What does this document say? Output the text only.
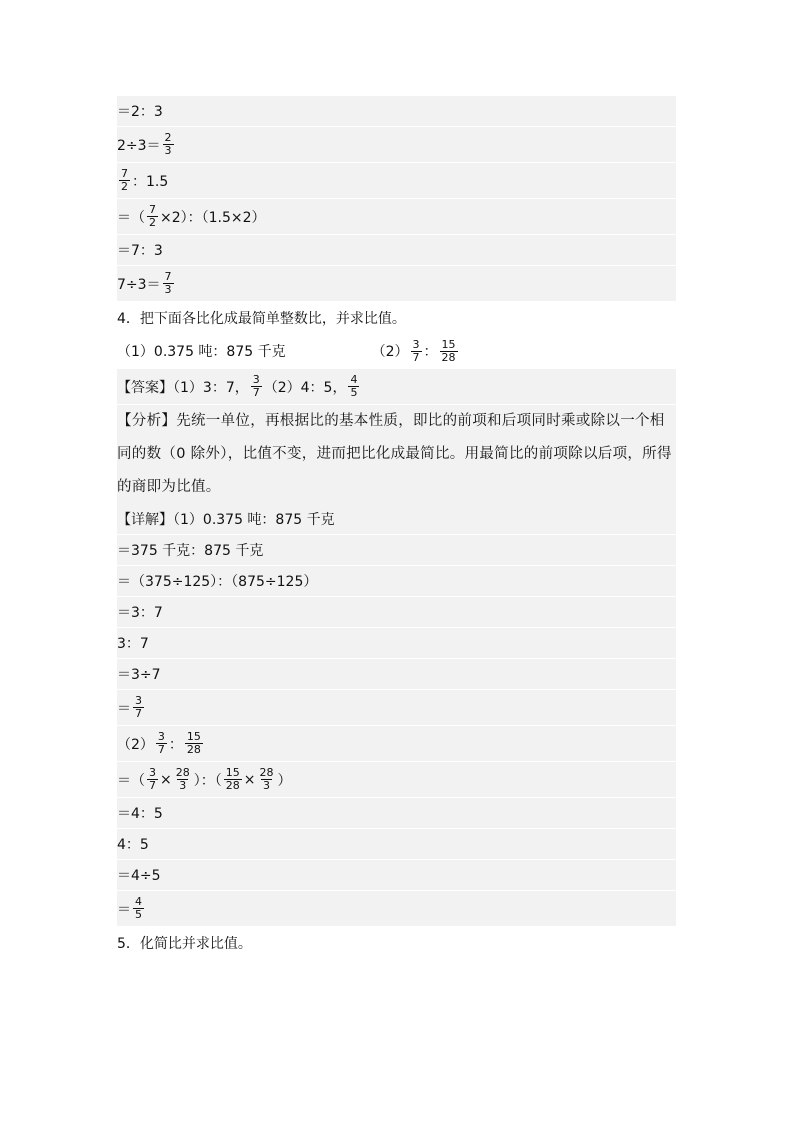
＝2：3
$2\div 3= \frac{2}{3}$
$\frac{7}{2}$ ：1.5
＝（ $\frac{7}{2} \times 2$）：（1.5×2）
＝7：3
$7\div 3= \frac{7}{3}$
4．把下面各比化成最简单整数比，并求比值。
（1）0.375 吨：875 千克	$(2) \frac{3}{7}$ ： $\frac{15}{28}$
【答案】（1）3：7， $\frac{3}{7} (2)4$：5， $\frac{4}{5}$
【分析】先统一单位，再根据比的基本性质，即比的前项和后项同时乘或除以一个相同的数（0 除外），比值不变，进而把比化成最简比。用最简比的前项除以后项，所得的商即为比值。
【详解】（1）0.375 吨：875 千克
＝375 千克：875 千克
＝（375÷125）：（875÷125）
＝3：7
3：7
＝3÷7
＝ $\frac{3}{7}$
$(2) \frac{3}{7}$ ： $\frac{15}{28}$
＝（ $\frac{3}{7} \times \frac{28}{3}$ ）：（ $\frac{15}{28} \times \frac{28}{3}$ ）
＝4：5
4：5
＝4÷5
＝ $\frac{4}{5}$
5．化简比并求比值。
